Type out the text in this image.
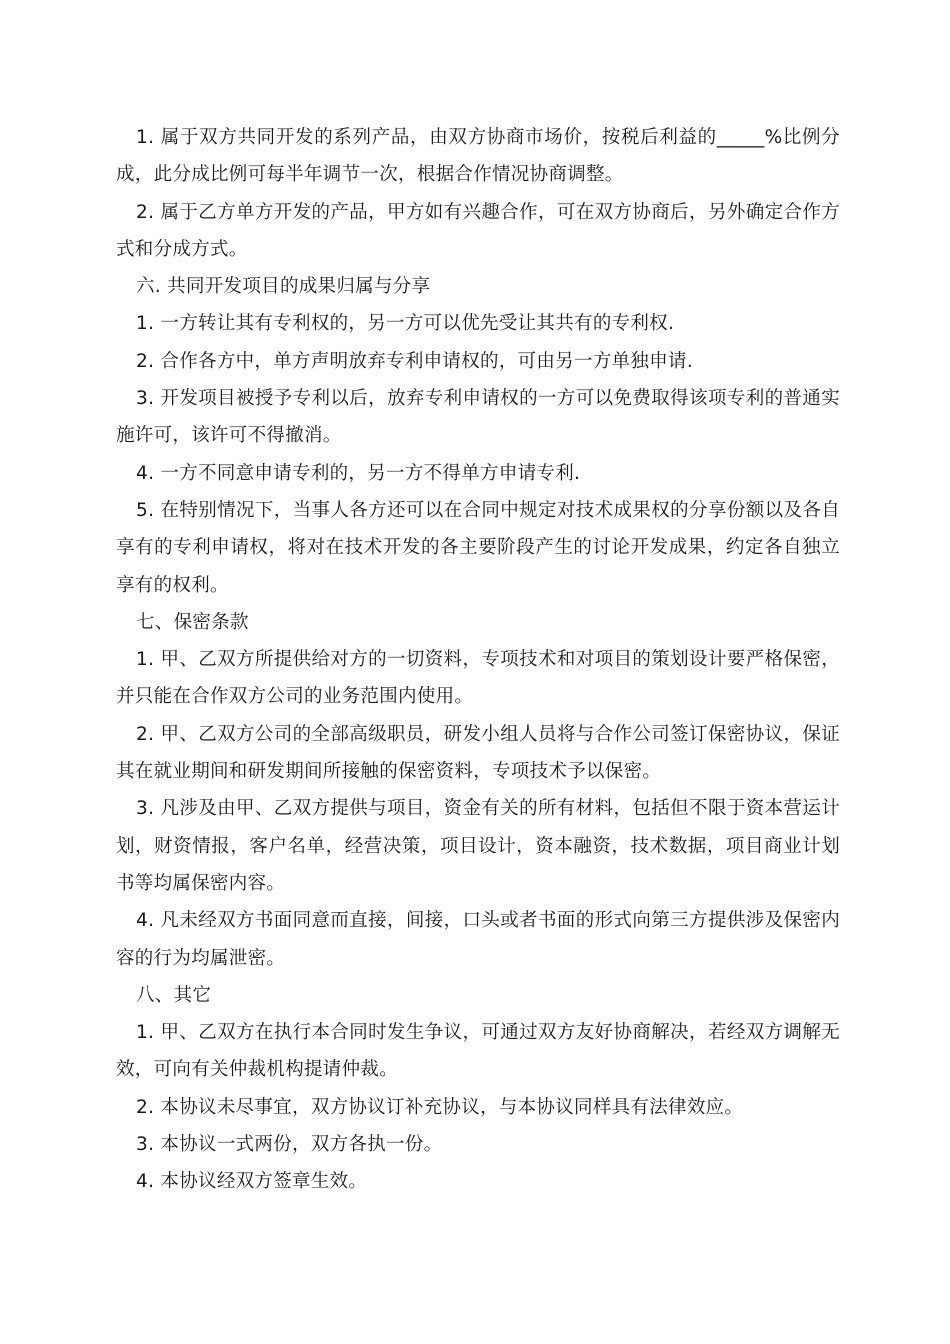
1. 属于双方共同开发的系列产品，由双方协商市场价，按税后利益的_____%比例分成，此分成比例可每半年调节一次，根据合作情况协商调整。

2. 属于乙方单方开发的产品，甲方如有兴趣合作，可在双方协商后，另外确定合作方式和分成方式。

六. 共同开发项目的成果归属与分享

1. 一方转让其有专利权的，另一方可以优先受让其共有的专利权.

2. 合作各方中，单方声明放弃专利申请权的，可由另一方单独申请.

3. 开发项目被授予专利以后，放弃专利申请权的一方可以免费取得该项专利的普通实施许可，该许可不得撤消。

4. 一方不同意申请专利的，另一方不得单方申请专利.

5. 在特别情况下，当事人各方还可以在合同中规定对技术成果权的分享份额以及各自享有的专利申请权，将对在技术开发的各主要阶段产生的讨论开发成果，约定各自独立享有的权利。

七、保密条款

1. 甲、乙双方所提供给对方的一切资料，专项技术和对项目的策划设计要严格保密，并只能在合作双方公司的业务范围内使用。

2. 甲、乙双方公司的全部高级职员，研发小组人员将与合作公司签订保密协议，保证其在就业期间和研发期间所接触的保密资料，专项技术予以保密。

3. 凡涉及由甲、乙双方提供与项目，资金有关的所有材料，包括但不限于资本营运计划，财资情报，客户名单，经营决策，项目设计，资本融资，技术数据，项目商业计划书等均属保密内容。

4. 凡未经双方书面同意而直接，间接，口头或者书面的形式向第三方提供涉及保密内容的行为均属泄密。

八、其它

1. 甲、乙双方在执行本合同时发生争议，可通过双方友好协商解决，若经双方调解无效，可向有关仲裁机构提请仲裁。

2. 本协议未尽事宜，双方协议订补充协议，与本协议同样具有法律效应。

3. 本协议一式两份，双方各执一份。

4. 本协议经双方签章生效。
